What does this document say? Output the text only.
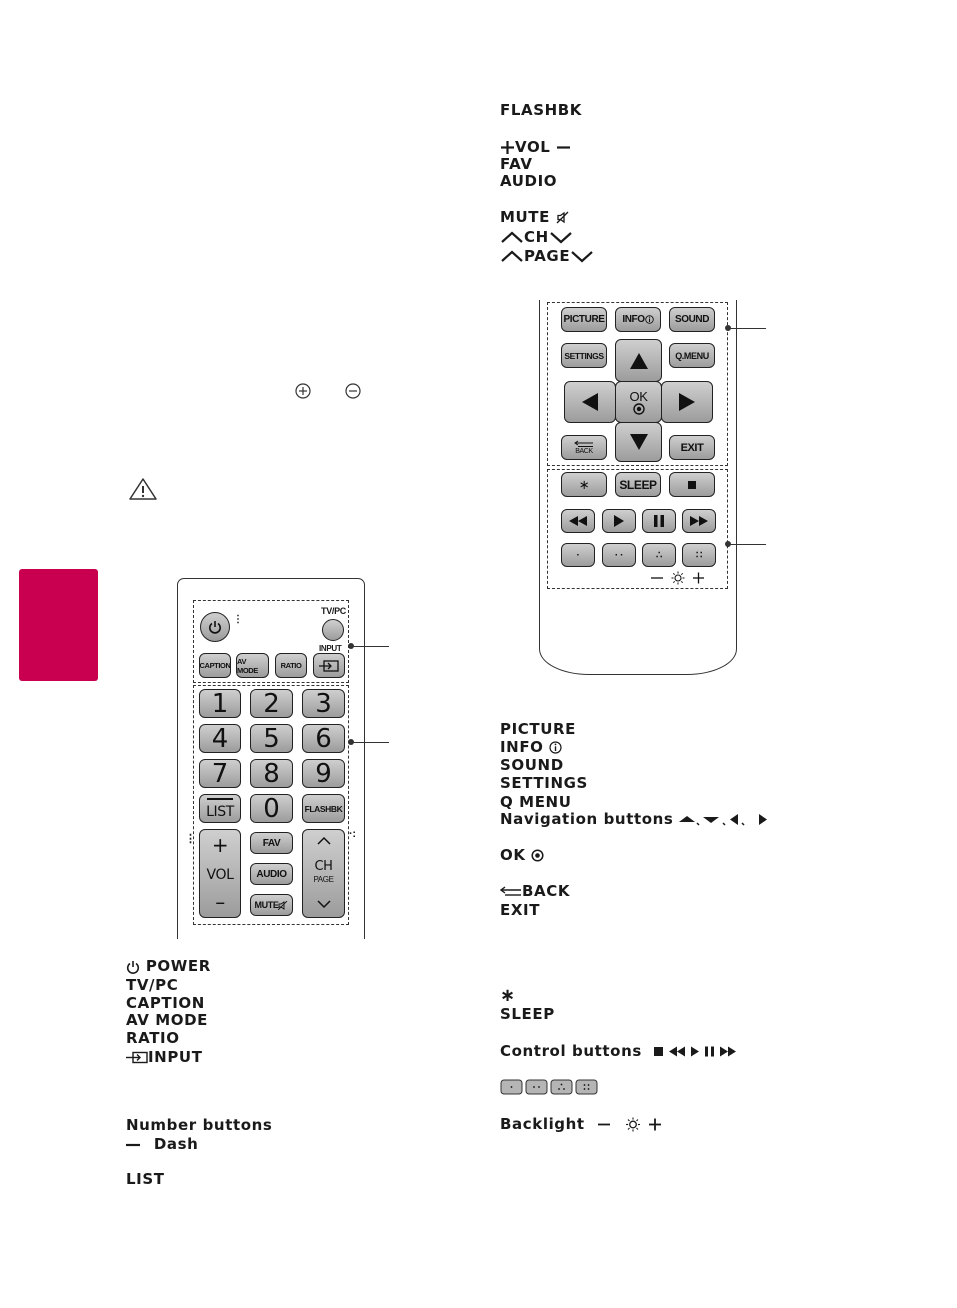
⋮
TV/PC
CAPTION AV MODE	RATIO
INPUT
1	2	3
4	5	6
7	8	9
LIST	0	FLASHBK
⋮	·:
+
VOL
–
FAV
AUDIO
MUTE
CH
PAGE
FLASHBK
VOL
FAV
AUDIO
MUTE
CH
PAGE
PICTURE INFO	SOUND
SETTINGS	Q.MENU
BACK	EXIT
OK
∗	SLEEP
·	· ·	∴	∷
PICTURE
INFO
SOUND
SETTINGS
Q MENU
Navigation buttons
OK
BACK
EXIT
∗
SLEEP
Control buttons
Backlight
POWER
TV/PC
CAPTION
AV MODE
RATIO
INPUT
Number buttons
Dash
LIST
